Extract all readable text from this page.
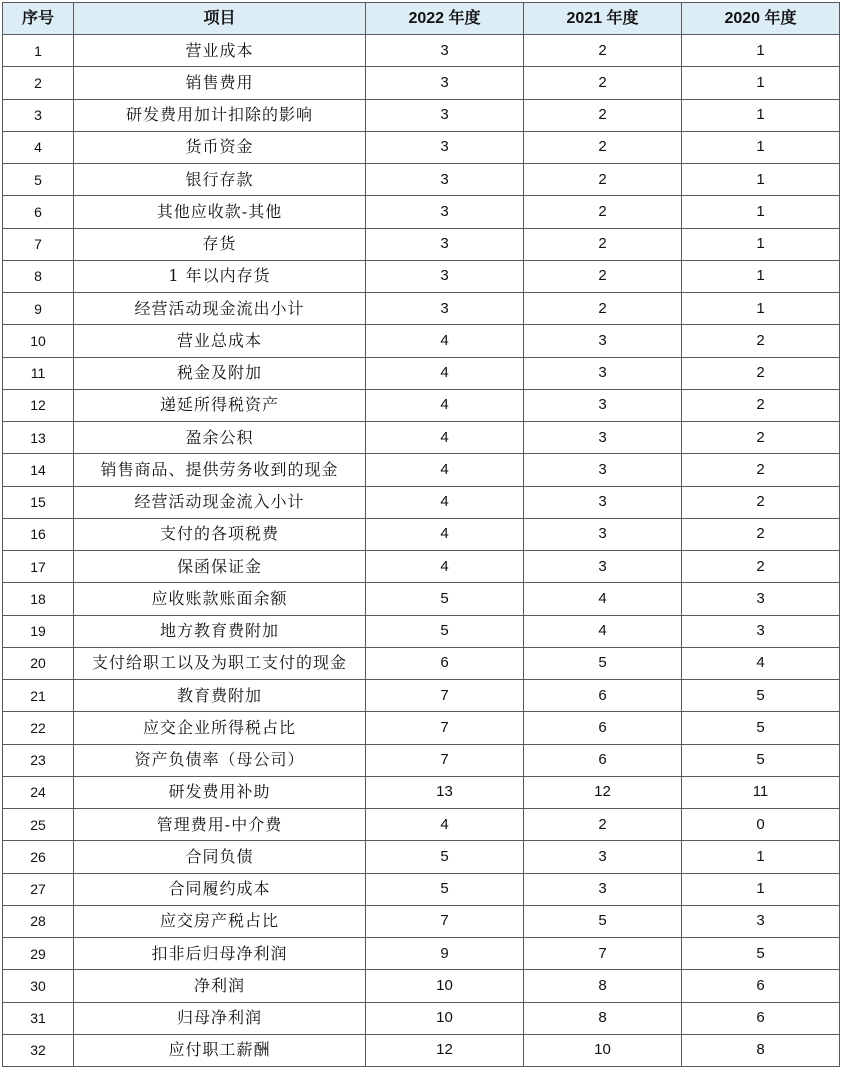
序号	项目	2022 年度	2021 年度	2020 年度
1	营业成本	3	2	1
2	销售费用	3	2	1
3	研发费用加计扣除的影响	3	2	1
4	货币资金	3	2	1
5	银行存款	3	2	1
6	其他应收款-其他	3	2	1
7	存货	3	2	1
8	1 年以内存货	3	2	1
9	经营活动现金流出小计	3	2	1
10	营业总成本	4	3	2
11	税金及附加	4	3	2
12	递延所得税资产	4	3	2
13	盈余公积	4	3	2
14	销售商品、提供劳务收到的现金	4	3	2
15	经营活动现金流入小计	4	3	2
16	支付的各项税费	4	3	2
17	保函保证金	4	3	2
18	应收账款账面余额	5	4	3
19	地方教育费附加	5	4	3
20	支付给职工以及为职工支付的现金	6	5	4
21	教育费附加	7	6	5
22	应交企业所得税占比	7	6	5
23	资产负债率（母公司）	7	6	5
24	研发费用补助	13	12	11
25	管理费用-中介费	4	2	0
26	合同负债	5	3	1
27	合同履约成本	5	3	1
28	应交房产税占比	7	5	3
29	扣非后归母净利润	9	7	5
30	净利润	10	8	6
31	归母净利润	10	8	6
32	应付职工薪酬	12	10	8
